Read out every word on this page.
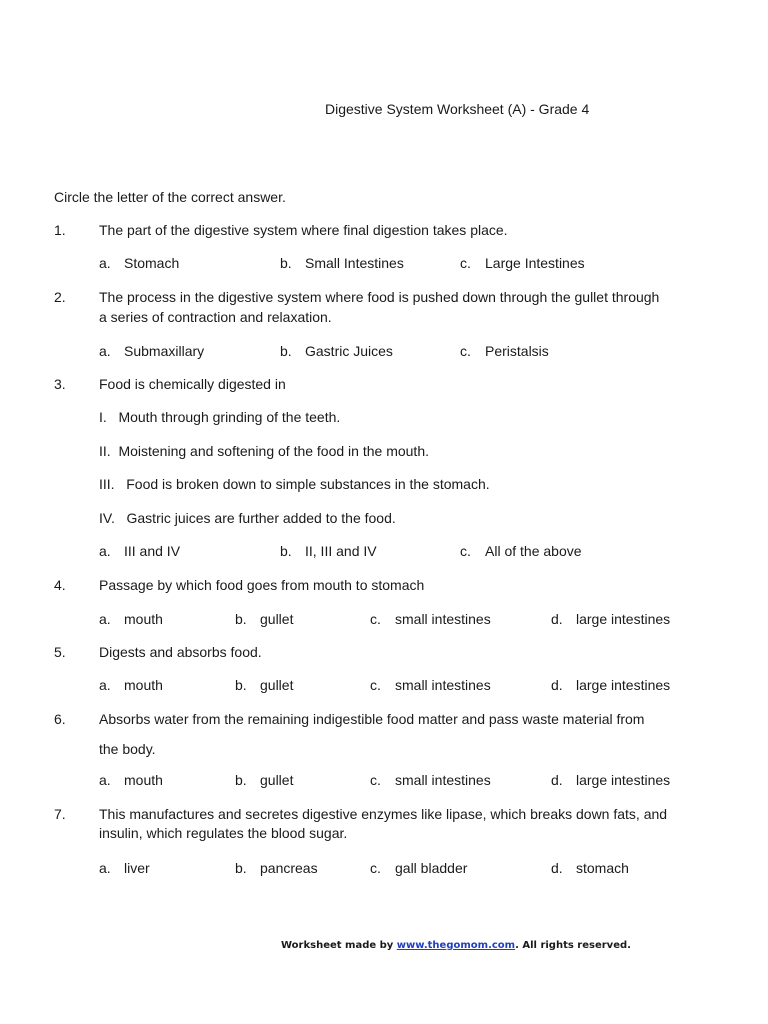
Digestive System Worksheet (A) - Grade 4
Circle the letter of the correct answer.
1. The part of the digestive system where final digestion takes place.
a. Stomach	b. Small Intestines	c. Large Intestines
2. The process in the digestive system where food is pushed down through the gullet through
a series of contraction and relaxation.
a. Submaxillary	b. Gastric Juices	c. Peristalsis
3. Food is chemically digested in
I.   Mouth through grinding of the teeth.
II.  Moistening and softening of the food in the mouth.
III.   Food is broken down to simple substances in the stomach.
IV.   Gastric juices are further added to the food.
a. III and IV	b. II, III and IV	c. All of the above
4. Passage by which food goes from mouth to stomach
a. mouth	b. gullet	c. small intestines	d. large intestines
5. Digests and absorbs food.
a. mouth	b. gullet	c. small intestines	d. large intestines
6. Absorbs water from the remaining indigestible food matter and pass waste material from
the body.
a. mouth	b. gullet	c. small intestines	d. large intestines
7. This manufactures and secretes digestive enzymes like lipase, which breaks down fats, and
insulin, which regulates the blood sugar.
a. liver	b. pancreas	c. gall bladder	d. stomach
Worksheet made by www.thegomom.com. All rights reserved.
